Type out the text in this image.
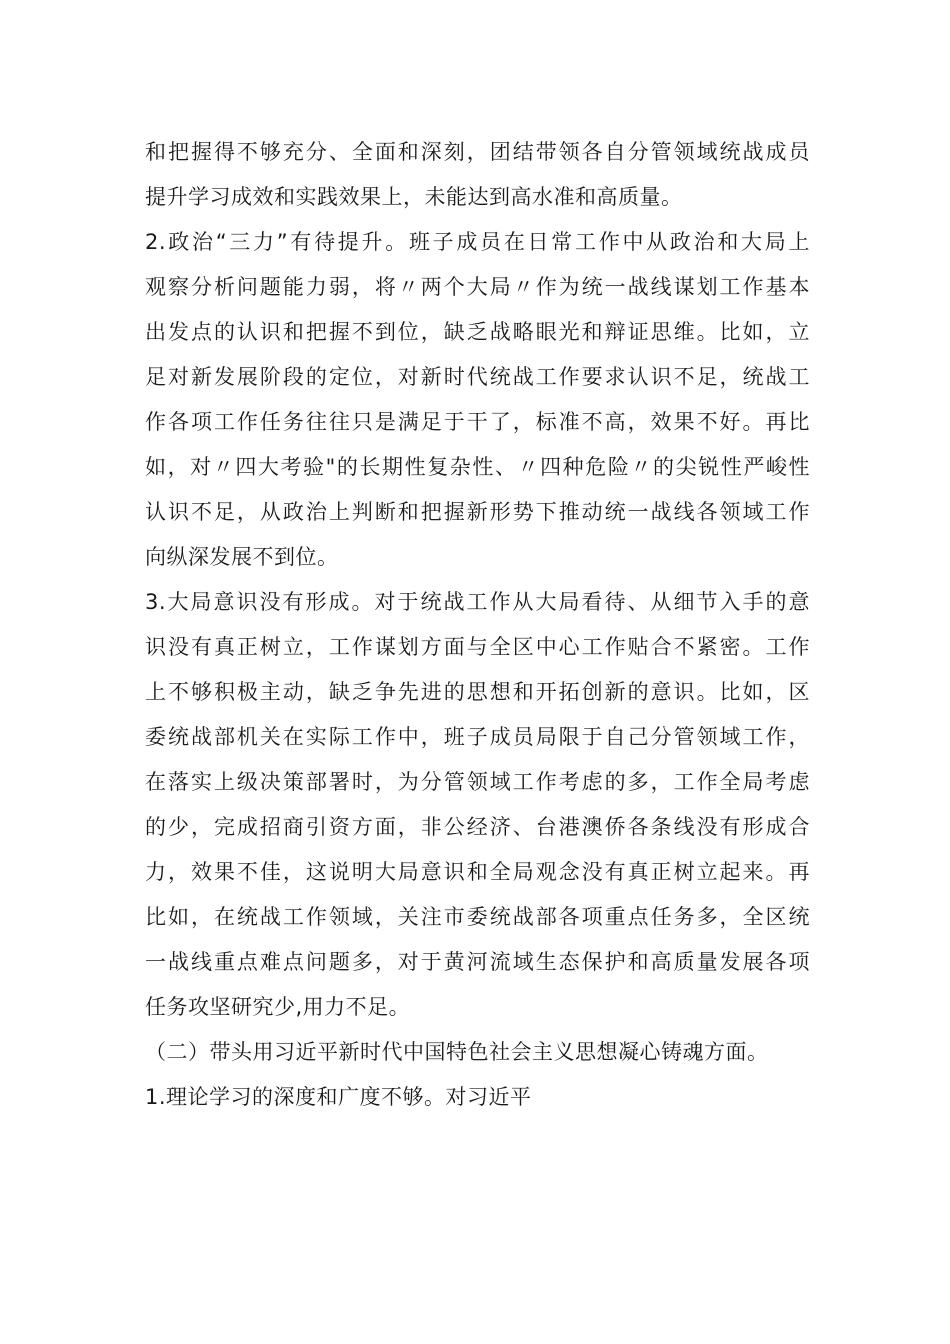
和把握得不够充分、全面和深刻，团结带领各自分管领域统战成员
提升学习成效和实践效果上，未能达到高水准和高质量。
2.政治“三力”有待提升。班子成员在日常工作中从政治和大局上
观察分析问题能力弱，将〃两个大局〃作为统一战线谋划工作基本
出发点的认识和把握不到位，缺乏战略眼光和辩证思维。比如，立
足对新发展阶段的定位，对新时代统战工作要求认识不足，统战工
作各项工作任务往往只是满足于干了，标准不高，效果不好。再比
如，对〃四大考验"的长期性复杂性、〃四种危险〃的尖锐性严峻性
认识不足，从政治上判断和把握新形势下推动统一战线各领域工作
向纵深发展不到位。
3.大局意识没有形成。对于统战工作从大局看待、从细节入手的意
识没有真正树立，工作谋划方面与全区中心工作贴合不紧密。工作
上不够积极主动，缺乏争先进的思想和开拓创新的意识。比如，区
委统战部机关在实际工作中，班子成员局限于自己分管领域工作，
在落实上级决策部署时，为分管领域工作考虑的多，工作全局考虑
的少，完成招商引资方面，非公经济、台港澳侨各条线没有形成合
力，效果不佳，这说明大局意识和全局观念没有真正树立起来。再
比如，在统战工作领域，关注市委统战部各项重点任务多，全区统
一战线重点难点问题多，对于黄河流域生态保护和高质量发展各项
任务攻坚研究少,用力不足。
（二）带头用习近平新时代中国特色社会主义思想凝心铸魂方面。
1.理论学习的深度和广度不够。对习近平
